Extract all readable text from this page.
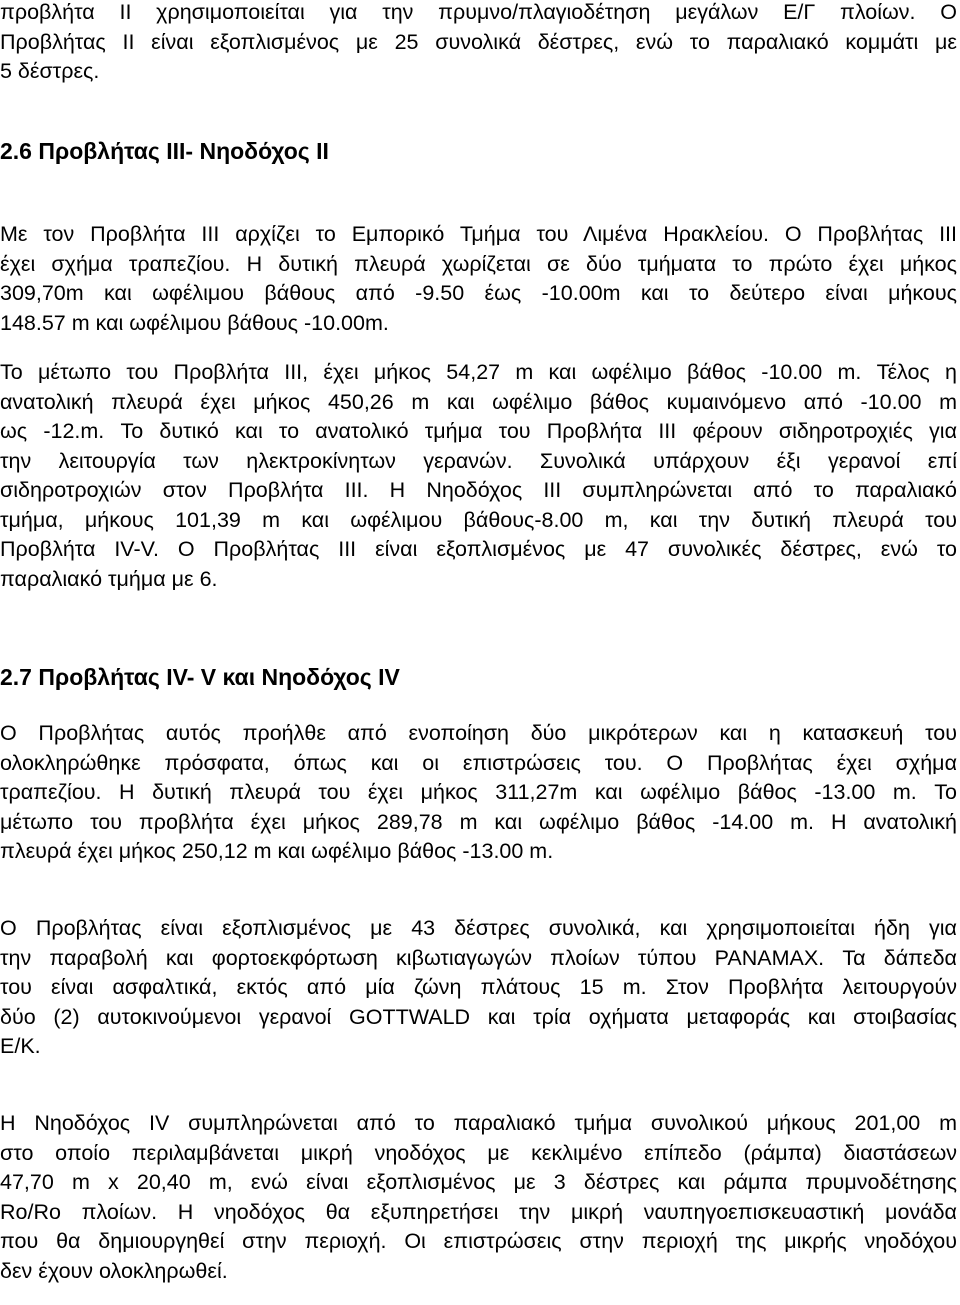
προβλήτα ΙΙ χρησιμοποιείται για την πρυμνο/πλαγιοδέτηση μεγάλων Ε/Γ πλοίων. Ο
Προβλήτας ΙΙ είναι εξοπλισμένος με 25 συνολικά δέστρες, ενώ το παραλιακό κομμάτι με
5 δέστρες.
2.6 Προβλήτας ΙΙΙ- Νηοδόχος ΙΙ
Με τον Προβλήτα ΙΙΙ αρχίζει το Εμπορικό Τμήμα του Λιμένα Ηρακλείου. Ο Προβλήτας ΙΙΙ
έχει σχήμα τραπεζίου. Η δυτική πλευρά χωρίζεται σε δύο τμήματα το πρώτο έχει μήκος
309,70m και ωφέλιμου βάθους από -9.50 έως -10.00m και το δεύτερο είναι μήκους
148.57 m και ωφέλιμου βάθους -10.00m.
Το μέτωπο του Προβλήτα ΙΙΙ, έχει μήκος 54,27 m και ωφέλιμο βάθος -10.00 m. Τέλος η
ανατολική πλευρά έχει μήκος 450,26 m και ωφέλιμο βάθος κυμαινόμενο από -10.00 m
ως -12.m. Το δυτικό και το ανατολικό τμήμα του Προβλήτα ΙΙΙ φέρουν σιδηροτροχιές για
την λειτουργία των ηλεκτροκίνητων γερανών. Συνολικά υπάρχουν έξι γερανοί επί
σιδηροτροχιών στον Προβλήτα ΙΙΙ. Η Νηοδόχος ΙΙΙ συμπληρώνεται από το παραλιακό
τμήμα, μήκους 101,39 m και ωφέλιμου βάθους-8.00 m, και την δυτική πλευρά του
Προβλήτα IV-V. Ο Προβλήτας ΙΙΙ είναι εξοπλισμένος με 47 συνολικές δέστρες, ενώ το
παραλιακό τμήμα με 6.
2.7 Προβλήτας IV- V και Νηοδόχος IV
Ο Προβλήτας αυτός προήλθε από ενοποίηση δύο μικρότερων και η κατασκευή του
ολοκληρώθηκε πρόσφατα, όπως και οι επιστρώσεις του. Ο Προβλήτας έχει σχήμα
τραπεζίου. Η δυτική πλευρά του έχει μήκος 311,27m και ωφέλιμο βάθος -13.00 m. Το
μέτωπο του προβλήτα έχει μήκος 289,78 m και ωφέλιμο βάθος -14.00 m. Η ανατολική
πλευρά έχει μήκος 250,12 m και ωφέλιμο βάθος -13.00 m.
Ο Προβλήτας είναι εξοπλισμένος με 43 δέστρες συνολικά, και χρησιμοποιείται ήδη για
την παραβολή και φορτοεκφόρτωση κιβωτιαγωγών πλοίων τύπου PANAMAX. Τα δάπεδα
του είναι ασφαλτικά, εκτός από μία ζώνη πλάτους 15 m. Στον Προβλήτα λειτουργούν
δύο (2) αυτοκινούμενοι γερανοί GOTTWALD και τρία οχήματα μεταφοράς και στοιβασίας
Ε/Κ.
Η Νηοδόχος IV συμπληρώνεται από το παραλιακό τμήμα συνολικού μήκους 201,00 m
στο οποίο περιλαμβάνεται μικρή νηοδόχος με κεκλιμένο επίπεδο (ράμπα) διαστάσεων
47,70 m x 20,40 m, ενώ είναι εξοπλισμένος με 3 δέστρες και ράμπα πρυμνοδέτησης
Ro/Ro πλοίων. Η νηοδόχος θα εξυπηρετήσει την μικρή ναυπηγοεπισκευαστική μονάδα
που θα δημιουργηθεί στην περιοχή. Οι επιστρώσεις στην περιοχή της μικρής νηοδόχου
δεν έχουν ολοκληρωθεί.
